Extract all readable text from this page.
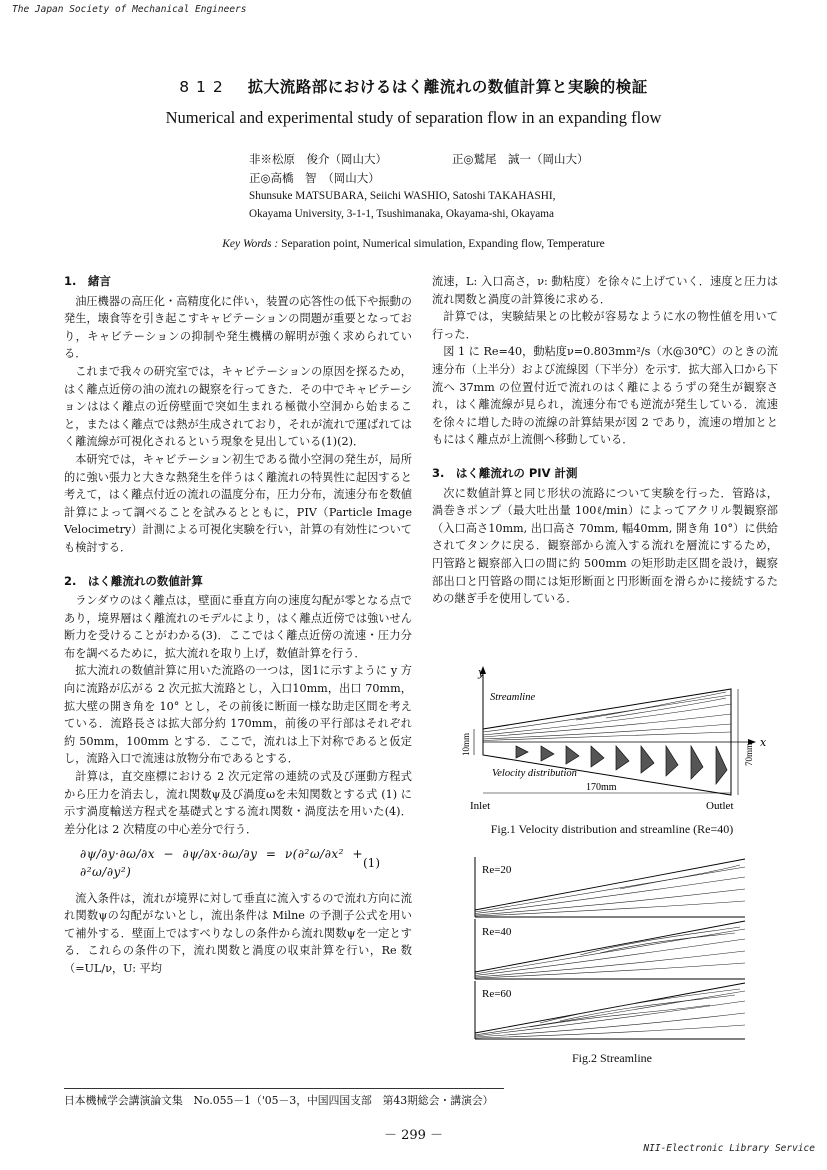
The Japan Society of Mechanical Engineers
812 拡大流路部におけるはく離流れの数値計算と実験的検証
Numerical and experimental study of separation flow in an expanding flow
非※松原　俊介（岡山大）	正◎鷲尾　誠一（岡山大）
正◎高橋　智　（岡山大）
Shunsuke MATSUBARA, Seiichi WASHIO, Satoshi TAKAHASHI,
Okayama University, 3-1-1, Tsushimanaka, Okayama-shi, Okayama
Key Words : Separation point, Numerical simulation, Expanding flow, Temperature
1.　緒言

油圧機器の高圧化・高精度化に伴い，装置の応答性の低下や振動の発生，壊食等を引き起こすキャビテーションの問題が重要となっており，キャビテーションの抑制や発生機構の解明が強く求められている．

これまで我々の研究室では，キャビテーションの原因を探るため，はく離点近傍の油の流れの観察を行ってきた．その中でキャビテーションははく離点の近傍壁面で突如生まれる極微小空洞から始まること，またはく離点では熱が生成されており，それが流れで運ばれてはく離流線が可視化されるという現象を見出している(1)(2)．

本研究では，キャビテーション初生である微小空洞の発生が，局所的に強い張力と大きな熱発生を伴うはく離流れの特異性に起因すると考えて，はく離点付近の流れの温度分布，圧力分布，流速分布を数値計算によって調べることを試みるとともに，PIV（Particle Image Velocimetry）計測による可視化実験を行い，計算の有効性についても検討する．

2.　はく離流れの数値計算

ランダウのはく離点は，壁面に垂直方向の速度勾配が零となる点であり，境界層はく離流れのモデルにより，はく離点近傍では強いせん断力を受けることがわかる(3)．ここではく離点近傍の流速・圧力分布を調べるために，拡大流れを取り上げ，数値計算を行う．

拡大流れの数値計算に用いた流路の一つは，図1に示すように y 方向に流路が広がる 2 次元拡大流路とし，入口10mm，出口 70mm，拡大壁の開き角を 10° とし，その前後に断面一様な助走区間を考えている．流路長さは拡大部分約 170mm，前後の平行部はそれぞれ約 50mm，100mm とする．ここで，流れは上下対称であると仮定し，流路入口で流速は放物分布であるとする．

計算は，直交座標における 2 次元定常の連続の式及び運動方程式から圧力を消去し，流れ関数ψ及び渦度ωを未知関数とする式 (1) に示す渦度輸送方程式を基礎式とする流れ関数・渦度法を用いた(4)．差分化は 2 次精度の中心差分で行う．

∂ψ/∂y·∂ω/∂x − ∂ψ/∂x·∂ω/∂y = ν(∂²ω/∂x² + ∂²ω/∂y²)
(1)

流入条件は，流れが境界に対して垂直に流入するので流れ方向に流れ関数ψの勾配がないとし，流出条件は Milne の予測子公式を用いて補外する．壁面上ではすべりなしの条件から流れ関数ψを一定とする．これらの条件の下，流れ関数と渦度の収束計算を行い，Re 数（=UL/ν，U: 平均

流速，L: 入口高さ，ν: 動粘度）を徐々に上げていく．速度と圧力は流れ関数と渦度の計算後に求める．

計算では，実験結果との比較が容易なように水の物性値を用いて行った．

図 1 に Re=40，動粘度ν=0.803mm²/s（水@30℃）のときの流速分布（上半分）および流線図（下半分）を示す．拡大部入口から下流へ 37mm の位置付近で流れのはく離によるうずの発生が観察され，はく離流線が見られ，流速分布でも逆流が発生している．流速を徐々に増した時の流線の計算結果が図 2 であり，流速の増加とともにはく離点が上流側へ移動している．

3.　はく離流れの PIV 計測

次に数値計算と同じ形状の流路について実験を行った．管路は，渦巻きポンプ（最大吐出量 100ℓ/min）によってアクリル製観察部（入口高さ10mm, 出口高さ 70mm, 幅40mm, 開き角 10°）に供給されてタンクに戻る．観察部から流入する流れを層流にするため，円管路と観察部入口の間に約 500mm の矩形助走区間を設け，観察部出口と円管路の間には矩形断面と円形断面を滑らかに接続するための継ぎ手を使用している．

y
x
10mm	70mm
170mm
Streamline
Velocity distribution
Inlet	Outlet
Fig.1 Velocity distribution and streamline (Re=40)
Re=20
Re=40
Re=60
Fig.2 Streamline
日本機械学会講演論文集　No.055－1（'05－3，中国四国支部　第43期総会・講演会）
－ 299 －
NII-Electronic Library Service
